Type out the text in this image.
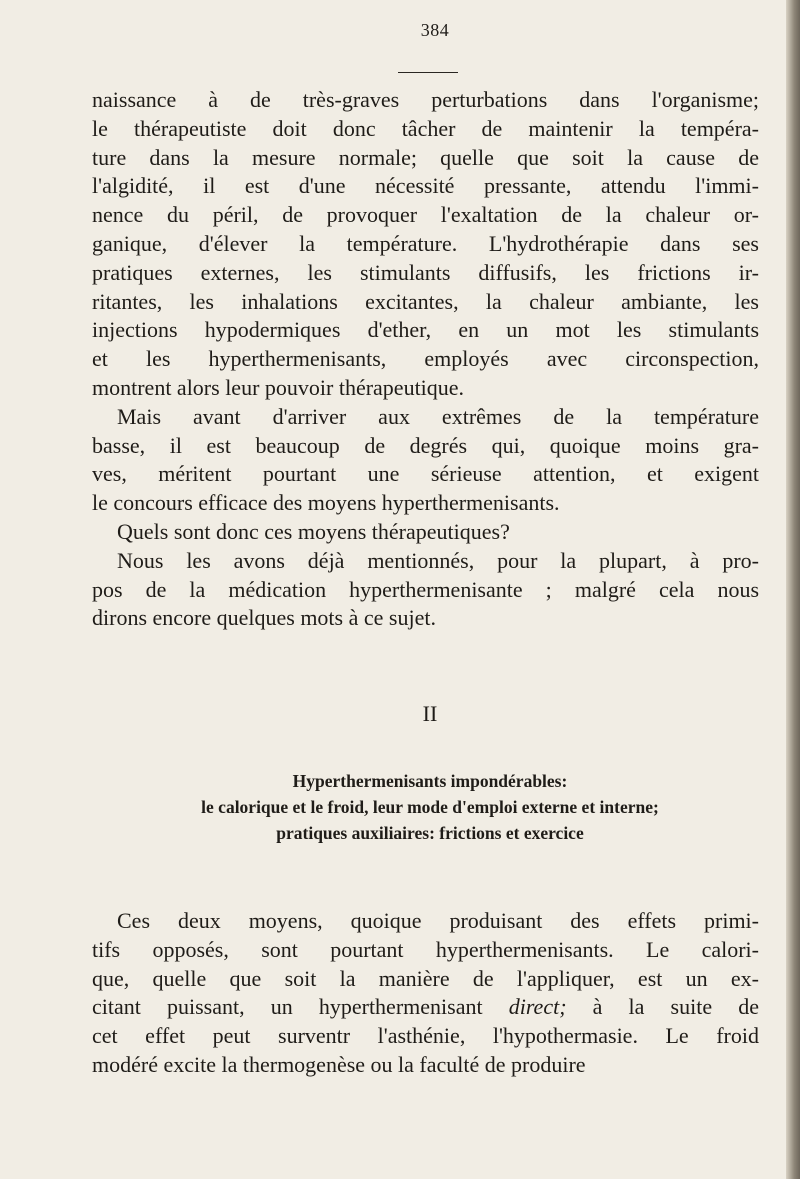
384
naissance à de très-graves perturbations dans l'organisme;
le thérapeutiste doit donc tâcher de maintenir la tempéra-
ture dans la mesure normale; quelle que soit la cause de
l'algidité, il est d'une nécessité pressante, attendu l'immi-
nence du péril, de provoquer l'exaltation de la chaleur or-
ganique, d'élever la température. L'hydrothérapie dans ses
pratiques externes, les stimulants diffusifs, les frictions ir-
ritantes, les inhalations excitantes, la chaleur ambiante, les
injections hypodermiques d'ether, en un mot les stimulants
et les hyperthermenisants, employés avec circonspection,
montrent alors leur pouvoir thérapeutique.
Mais avant d'arriver aux extrêmes de la température
basse, il est beaucoup de degrés qui, quoique moins gra-
ves, méritent pourtant une sérieuse attention, et exigent
le concours efficace des moyens hyperthermenisants.
Quels sont donc ces moyens thérapeutiques?
Nous les avons déjà mentionnés, pour la plupart, à pro-
pos de la médication hyperthermenisante ; malgré cela nous
dirons encore quelques mots à ce sujet.
II
Hyperthermenisants impondérables:
le calorique et le froid, leur mode d'emploi externe et interne;
pratiques auxiliaires: frictions et exercice
Ces deux moyens, quoique produisant des effets primi-
tifs opposés, sont pourtant hyperthermenisants. Le calori-
que, quelle que soit la manière de l'appliquer, est un ex-
citant puissant, un hyperthermenisant direct; à la suite de
cet effet peut surventr l'asthénie, l'hypothermasie. Le froid
modéré excite la thermogenèse ou la faculté de produire
